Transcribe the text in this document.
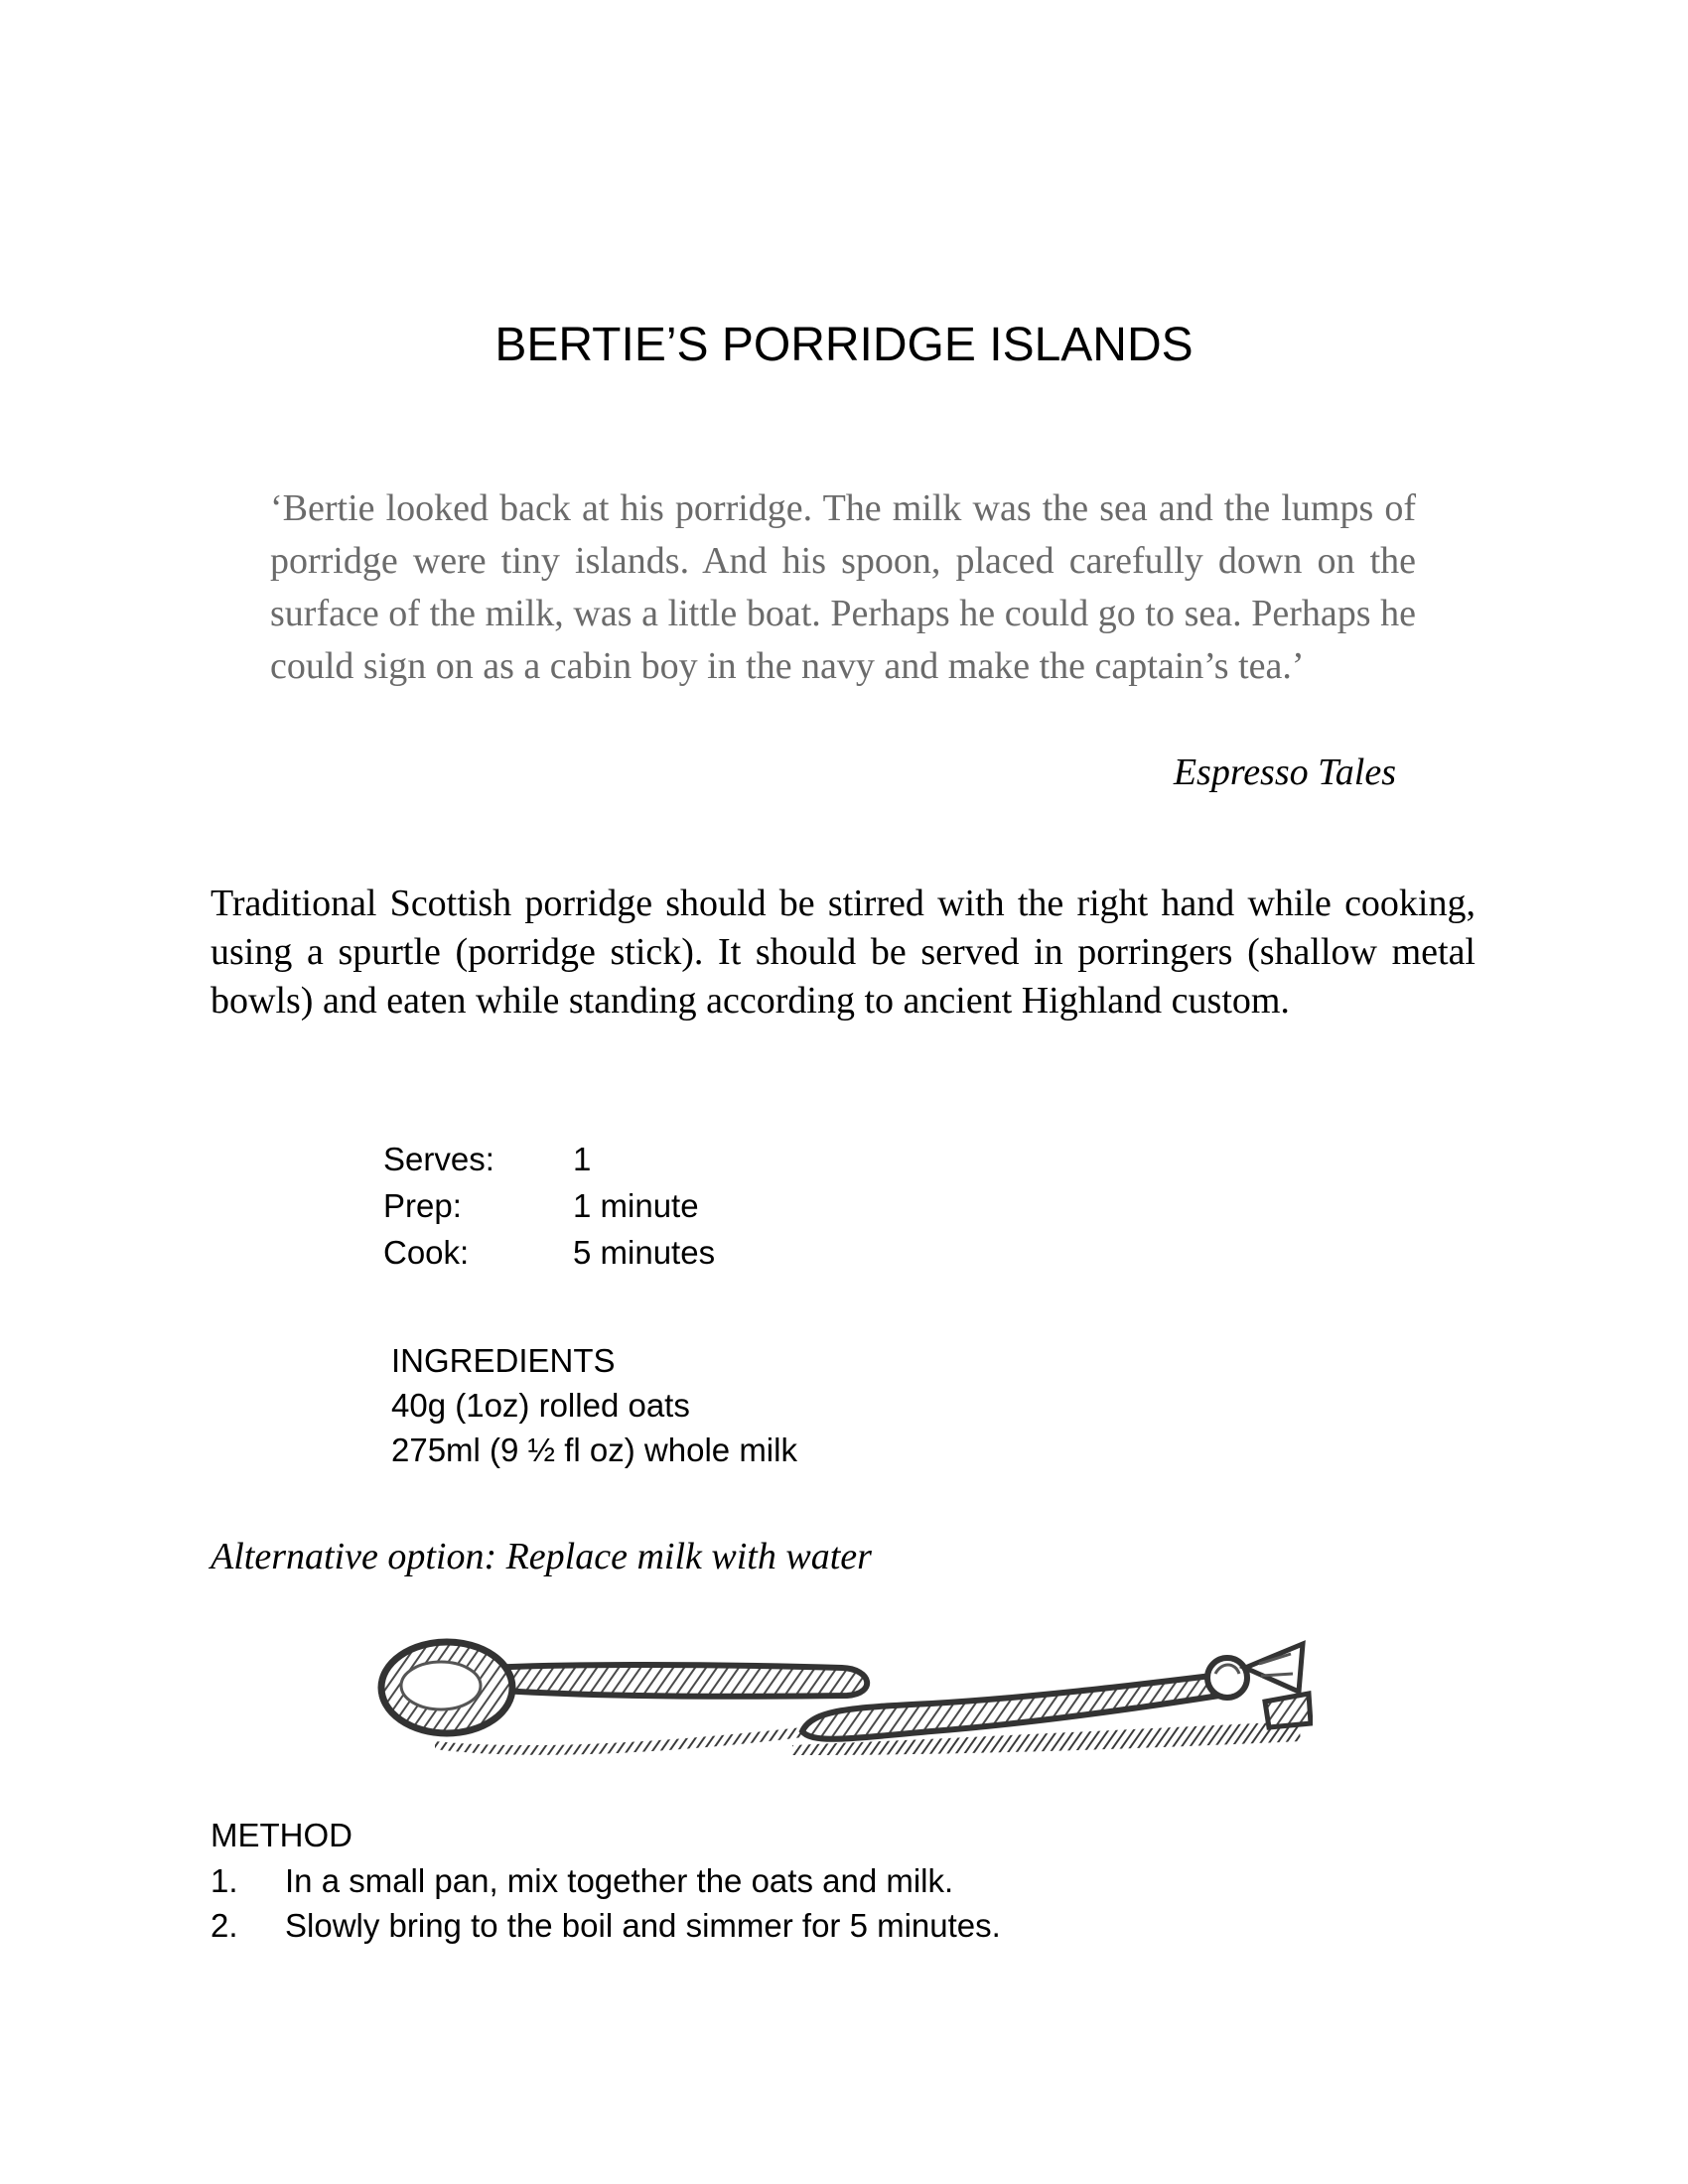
BERTIE’S PORRIDGE ISLANDS

‘Bertie looked back at his porridge. The milk was the sea and the lumps of porridge were tiny islands. And his spoon, placed carefully down on the surface of the milk, was a little boat. Perhaps he could go to sea. Perhaps he could sign on as a cabin boy in the navy and make the captain’s tea.’

Espresso Tales

Traditional Scottish porridge should be stirred with the right hand while cooking, using a spurtle (porridge stick). It should be served in porringers (shallow metal bowls) and eaten while standing according to ancient Highland custom.

Serves:	1
Prep:	1 minute
Cook:	5 minutes
INGREDIENTS
40g (1oz) rolled oats
275ml (9 ½ fl oz) whole milk

Alternative option: Replace milk with water

METHOD
1.	In a small pan, mix together the oats and milk.
2.	Slowly bring to the boil and simmer for 5 minutes.
